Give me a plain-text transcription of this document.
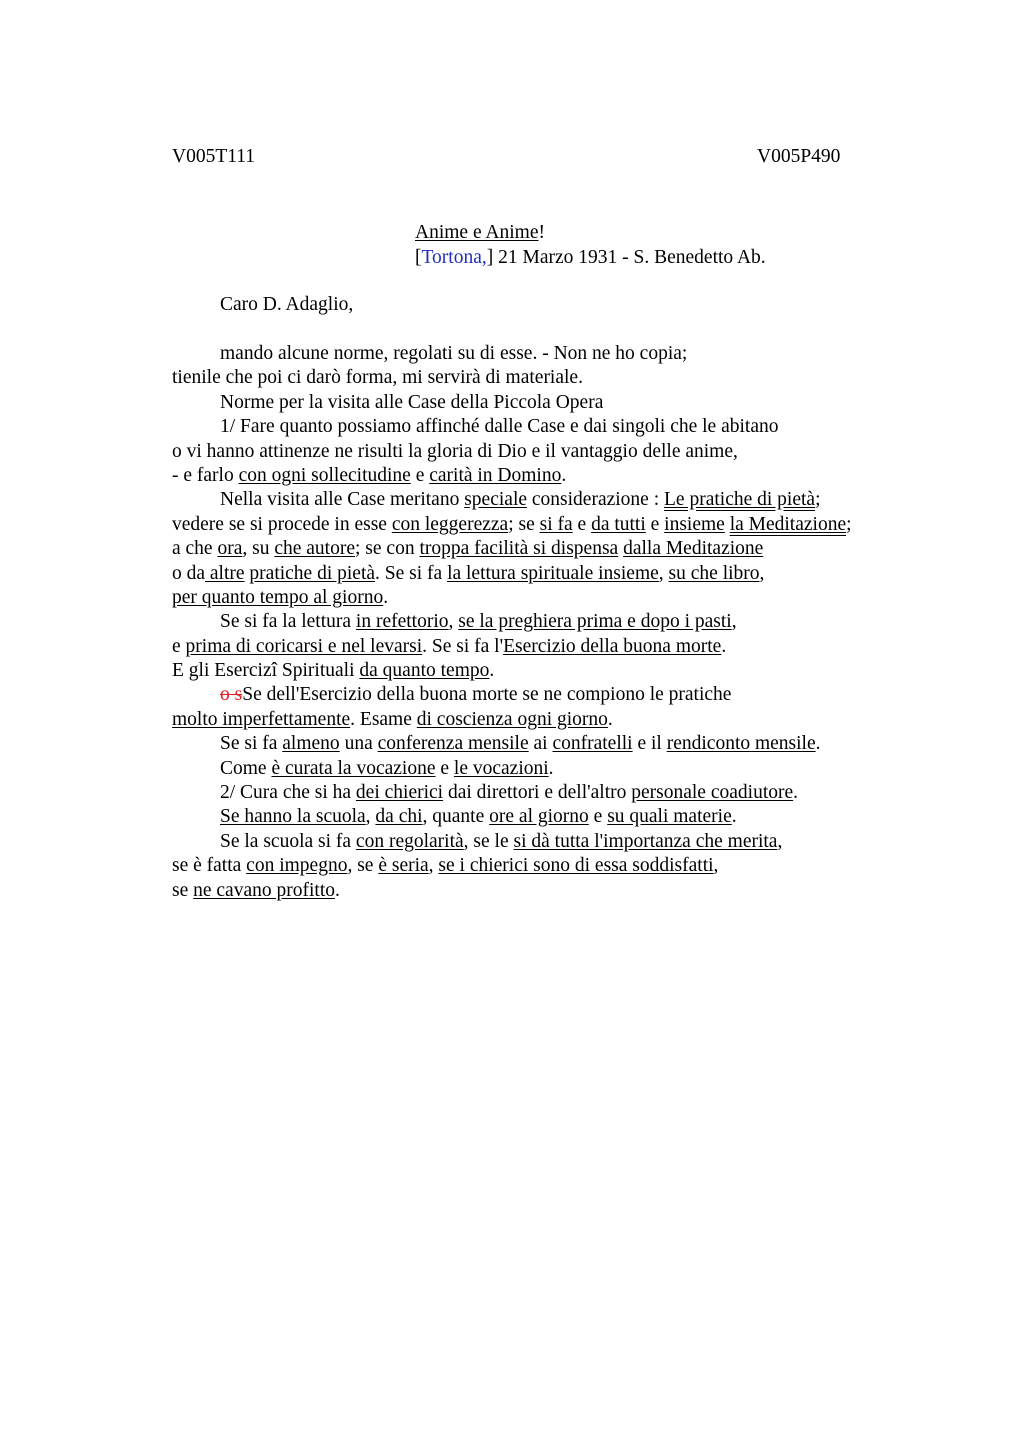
V005T111	V005P490
Anime e Anime!
[Tortona,] 21 Marzo 1931 - S. Benedetto Ab.
Caro D. Adaglio,
mando alcune norme, regolati su di esse. - Non ne ho copia;
tienile che poi ci darò forma, mi servirà di materiale.
Norme per la visita alle Case della Piccola Opera
1/ Fare quanto possiamo affinché dalle Case e dai singoli che le abitano
o vi hanno attinenze ne risulti la gloria di Dio e il vantaggio delle anime,
- e farlo con ogni sollecitudine e carità in Domino.
Nella visita alle Case meritano speciale considerazione : Le pratiche di pietà;
vedere se si procede in esse con leggerezza; se si fa e da tutti e insieme la Meditazione;
a che ora, su che autore; se con troppa facilità si dispensa dalla Meditazione
o da altre pratiche di pietà. Se si fa la lettura spirituale insieme, su che libro,
per quanto tempo al giorno.
Se si fa la lettura in refettorio, se la preghiera prima e dopo i pasti,
e prima di coricarsi e nel levarsi. Se si fa l'Esercizio della buona morte.
E gli Esercizi Spirituali da quanto tempo.
o sSe dell'Esercizio della buona morte se ne compiono le pratiche
molto imperfettamente. Esame di coscienza ogni giorno.
Se si fa almeno una conferenza mensile ai confratelli e il rendiconto mensile.
Come è curata la vocazione e le vocazioni.
2/ Cura che si ha dei chierici dai direttori e dell'altro personale coadiutore.
Se hanno la scuola, da chi, quante ore al giorno e su quali materie.
Se la scuola si fa con regolarità, se le si dà tutta l'importanza che merita,
se è fatta con impegno, se è seria, se i chierici sono di essa soddisfatti,
se ne cavano profitto.
